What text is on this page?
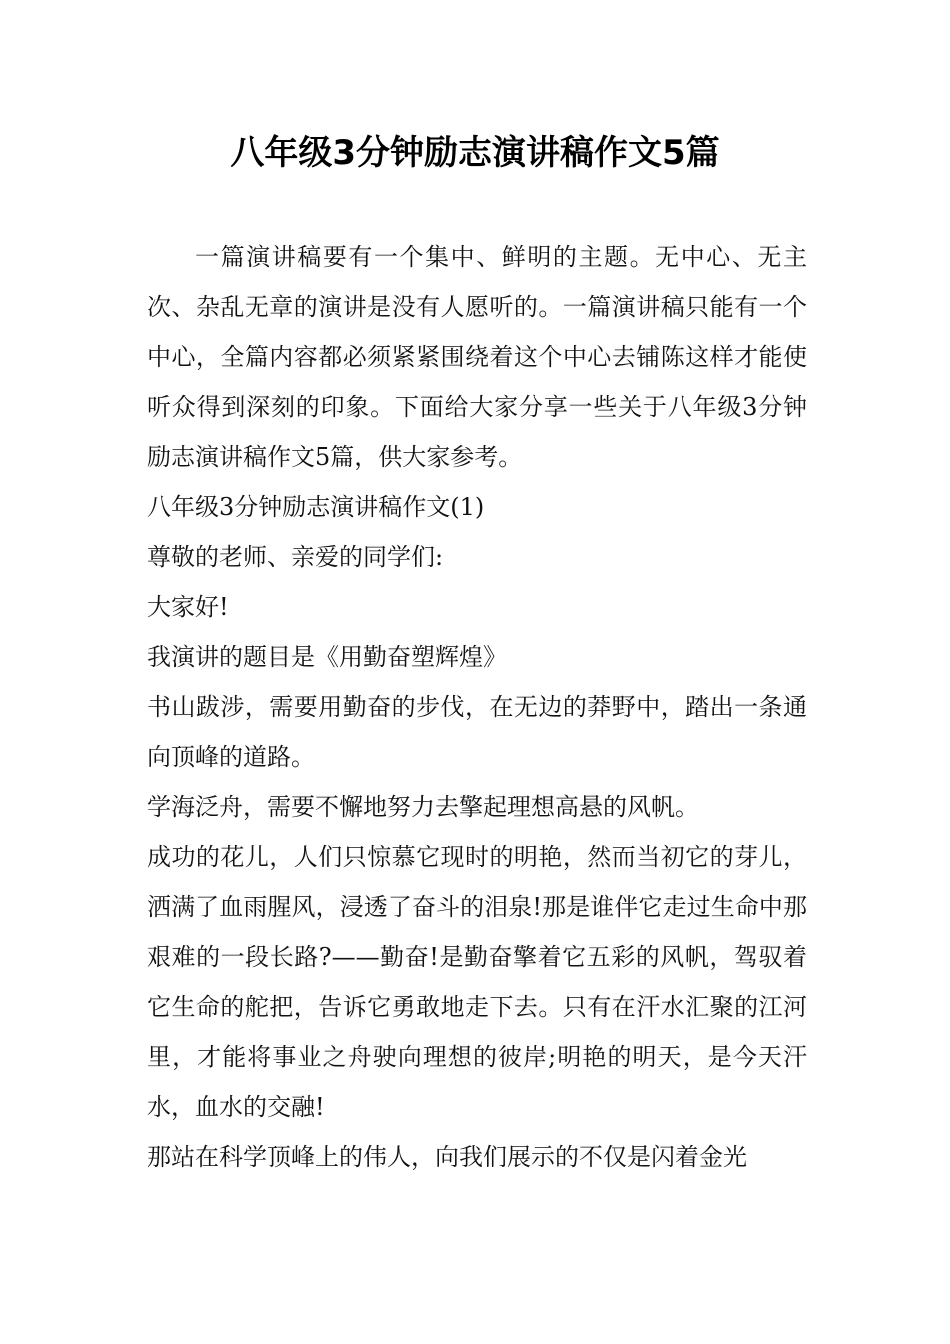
八年级3分钟励志演讲稿作文5篇

一篇演讲稿要有一个集中、鲜明的主题。无中心、无主次、杂乱无章的演讲是没有人愿听的。一篇演讲稿只能有一个中心，全篇内容都必须紧紧围绕着这个中心去铺陈这样才能使听众得到深刻的印象。下面给大家分享一些关于八年级3分钟励志演讲稿作文5篇，供大家参考。

八年级3分钟励志演讲稿作文(1)

尊敬的老师、亲爱的同学们:

大家好!

我演讲的题目是《用勤奋塑辉煌》

书山跋涉，需要用勤奋的步伐，在无边的莽野中，踏出一条通向顶峰的道路。

学海泛舟，需要不懈地努力去擎起理想高悬的风帆。

成功的花儿，人们只惊慕它现时的明艳，然而当初它的芽儿，洒满了血雨腥风，浸透了奋斗的泪泉!那是谁伴它走过生命中那艰难的一段长路?——勤奋!是勤奋擎着它五彩的风帆，驾驭着它生命的舵把，告诉它勇敢地走下去。只有在汗水汇聚的江河里，才能将事业之舟驶向理想的彼岸;明艳的明天，是今天汗水，血水的交融!

那站在科学顶峰上的伟人，向我们展示的不仅是闪着金光
